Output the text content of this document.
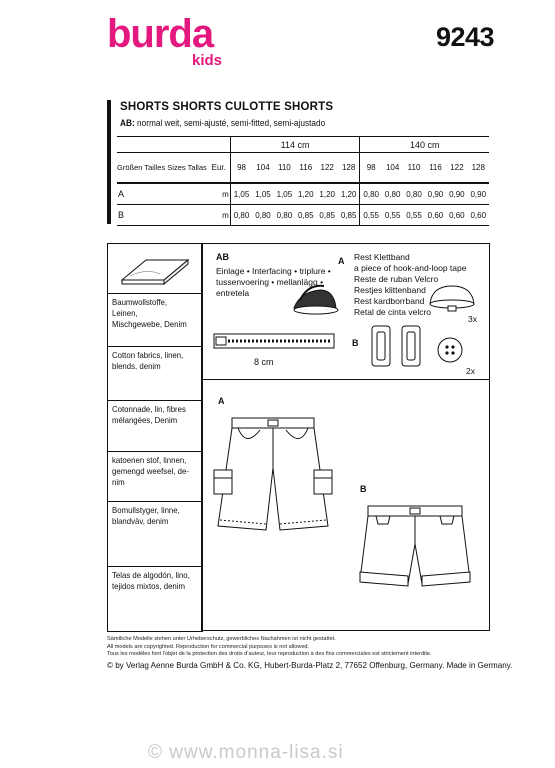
burda
kids
9243
SHORTS SHORTS CULOTTE SHORTS
AB: normal weit, semi-ajusté, semi-fitted, semi-ajustado
		114 cm						140 cm					
Größen Tailles Sizes Tallas	Eur.	98	104	110	116	122	128	98	104	110	116	122	128
A	m	1,05	1,05	1,05	1,20	1,20	1,20	0,80	0,80	0,80	0,90	0,90	0,90
B	m	0,80	0,80	0,80	0,85	0,85	0,85	0,55	0,55	0,55	0,60	0,60	0,60
Baumwollstoffe, Leinen,
Mischgewebe, Denim
Cotton fabrics, linen,
blends, denim
Cotonnade, lin, fibres
mélangées, Denim
katoenen stof, linnen,
gemengd weefsel, de-
nim
Bomullstyger, linne,
blandväv, denim
Telas de algodón, lino,
tejidos mixtos, denim
AB
Einlage • Interfacing • triplure •
tussenvoering • mellanlägg •
entretela
8 cm
A Rest Klettband
a piece of hook-and-loop tape
Reste de ruban Velcro
Restjes klittenband
Rest kardborrband
Retal de cinta velcro
3x
B
2x
A
B
Sämtliche Modelle stehen unter Urheberschutz, gewerbliches Nachahmen ist nicht gestattet.
All models are copyrighted. Reproduction for commercial purposes is not allowed.
Tous les modèles font l'objet de la protection des droits d'auteur, leur reproduction à des fins commerciales est strictement interdite.
© by Verlag Aenne Burda GmbH & Co. KG, Hubert-Burda-Platz 2, 77652 Offenburg, Germany. Made in Germany.
© www.monna-lisa.si
